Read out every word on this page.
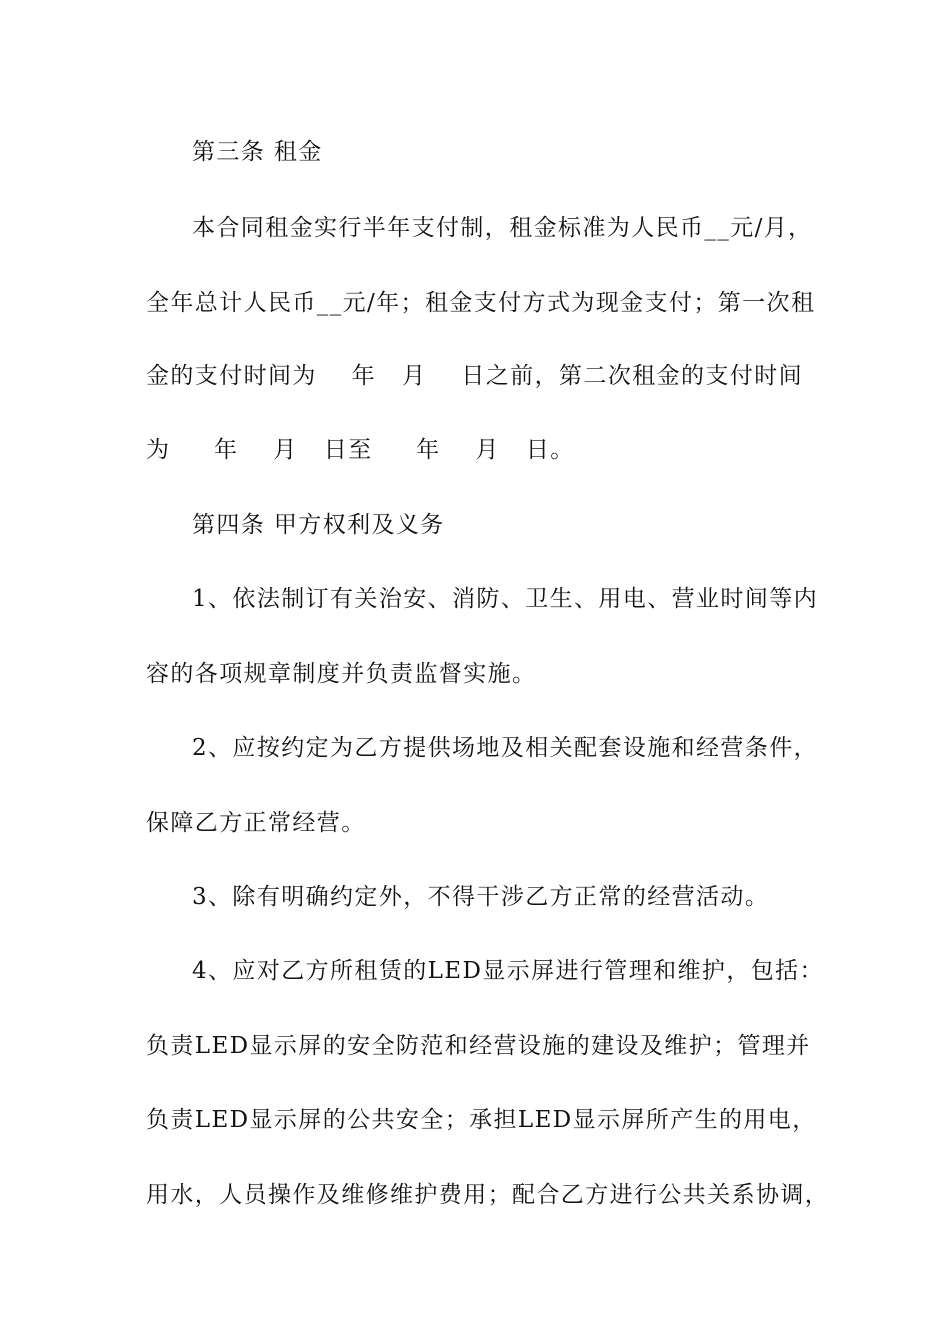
第三条 租金
本合同租金实行半年支付制，租金标准为人民币__元/月，
全年总计人民币__元/年；租金支付方式为现金支付；第一次租
金的支付时间为    年   月    日之前，第二次租金的支付时间
为     年    月   日至     年    月   日。
第四条 甲方权利及义务
1、依法制订有关治安、消防、卫生、用电、营业时间等内
容的各项规章制度并负责监督实施。
2、应按约定为乙方提供场地及相关配套设施和经营条件，
保障乙方正常经营。
3、除有明确约定外，不得干涉乙方正常的经营活动。
4、应对乙方所租赁的LED显示屏进行管理和维护，包括：
负责LED显示屏的安全防范和经营设施的建设及维护；管理并
负责LED显示屏的公共安全；承担LED显示屏所产生的用电，
用水，人员操作及维修维护费用；配合乙方进行公共关系协调，
